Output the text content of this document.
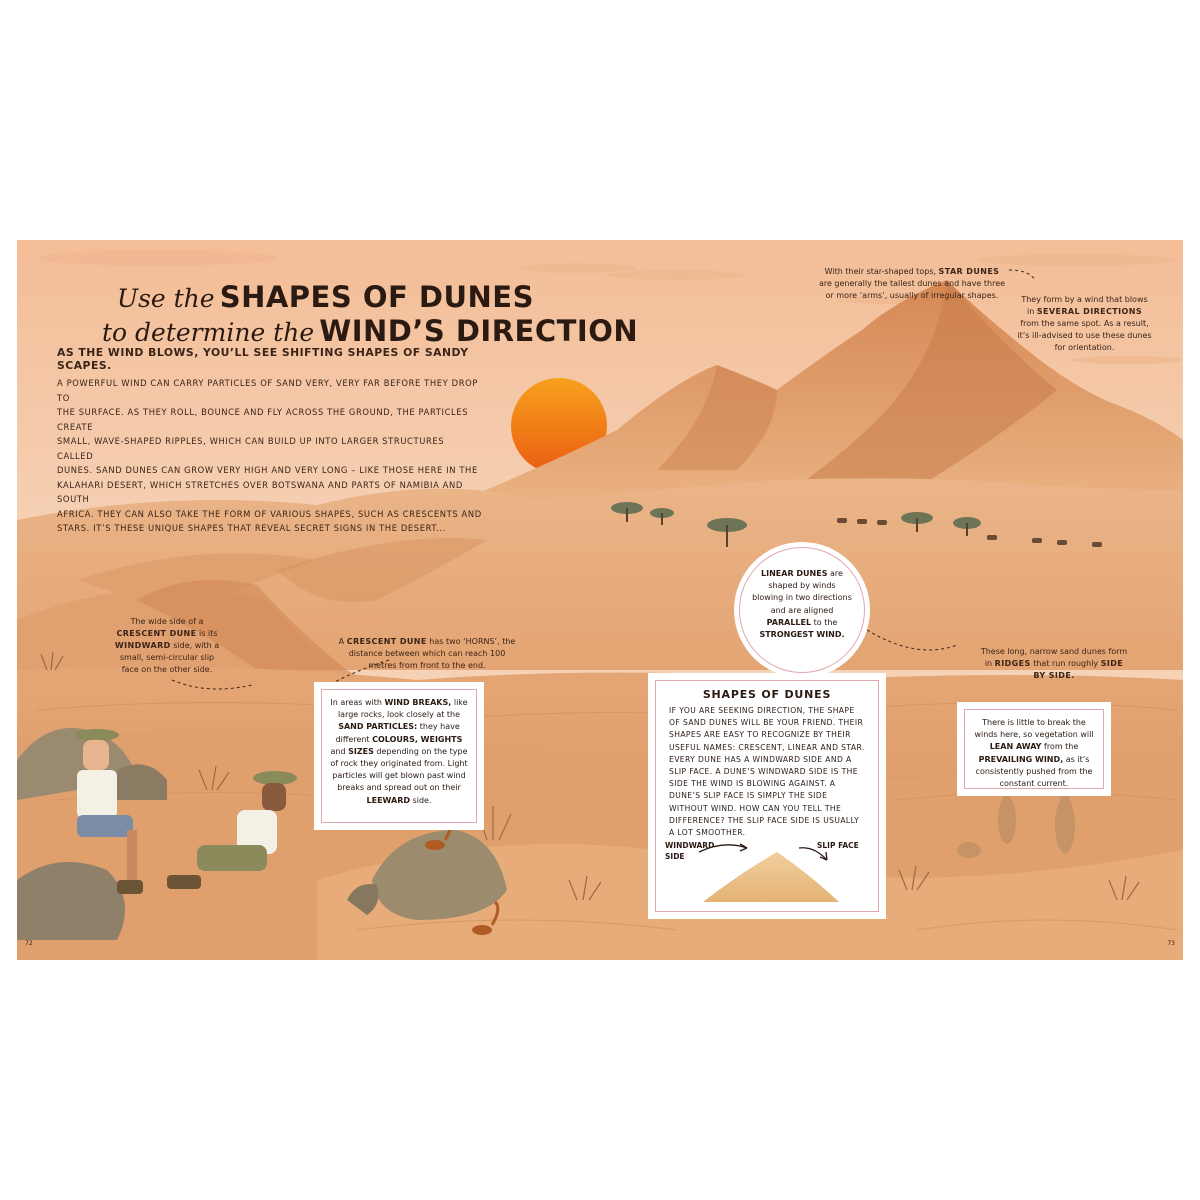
Use the SHAPES OF DUNES
to determine the WIND’S DIRECTION
AS THE WIND BLOWS, YOU’LL SEE SHIFTING SHAPES OF SANDY SCAPES.
A POWERFUL WIND CAN CARRY PARTICLES OF SAND VERY, VERY FAR BEFORE THEY DROP TO
THE SURFACE. AS THEY ROLL, BOUNCE AND FLY ACROSS THE GROUND, THE PARTICLES CREATE
SMALL, WAVE-SHAPED RIPPLES, WHICH CAN BUILD UP INTO LARGER STRUCTURES CALLED
DUNES. SAND DUNES CAN GROW VERY HIGH AND VERY LONG – LIKE THOSE HERE IN THE
KALAHARI DESERT, WHICH STRETCHES OVER BOTSWANA AND PARTS OF NAMIBIA AND SOUTH
AFRICA. THEY CAN ALSO TAKE THE FORM OF VARIOUS SHAPES, SUCH AS CRESCENTS AND
STARS. IT’S THESE UNIQUE SHAPES THAT REVEAL SECRET SIGNS IN THE DESERT...
With their star-shaped tops, STAR DUNES are generally the tallest dunes and have three or more ‘arms’, usually of irregular shapes.	They form by a wind that blows in SEVERAL DIRECTIONS from the same spot. As a result, it’s ill-advised to use these dunes for orientation.
LINEAR DUNES are shaped by winds blowing in two directions and are aligned PARALLEL to the STRONGEST WIND.
These long, narrow sand dunes form in RIDGES that run roughly SIDE BY SIDE.
The wide side of a CRESCENT DUNE is its WINDWARD side, with a small, semi-circular slip face on the other side.
A CRESCENT DUNE has two ‘HORNS’, the distance between which can reach 100 metres from front to the end.
In areas with WIND BREAKS, like large rocks, look closely at the SAND PARTICLES: they have different COLOURS, WEIGHTS and SIZES depending on the type of rock they originated from. Light particles will get blown past wind breaks and spread out on their LEEWARD side.
SHAPES OF DUNES
IF YOU ARE SEEKING DIRECTION, THE SHAPE OF SAND DUNES WILL BE YOUR FRIEND. THEIR SHAPES ARE EASY TO RECOGNIZE BY THEIR USEFUL NAMES: CRESCENT, LINEAR AND STAR. EVERY DUNE HAS A WINDWARD SIDE AND A SLIP FACE. A DUNE’S WINDWARD SIDE IS THE SIDE THE WIND IS BLOWING AGAINST. A DUNE’S SLIP FACE IS SIMPLY THE SIDE WITHOUT WIND. HOW CAN YOU TELL THE DIFFERENCE? THE SLIP FACE SIDE IS USUALLY A LOT SMOOTHER.
WINDWARD
SIDE
SLIP FACE
There is little to break the winds here, so vegetation will LEAN AWAY from the PREVAILING WIND, as it’s consistently pushed from the constant current.
72	73
